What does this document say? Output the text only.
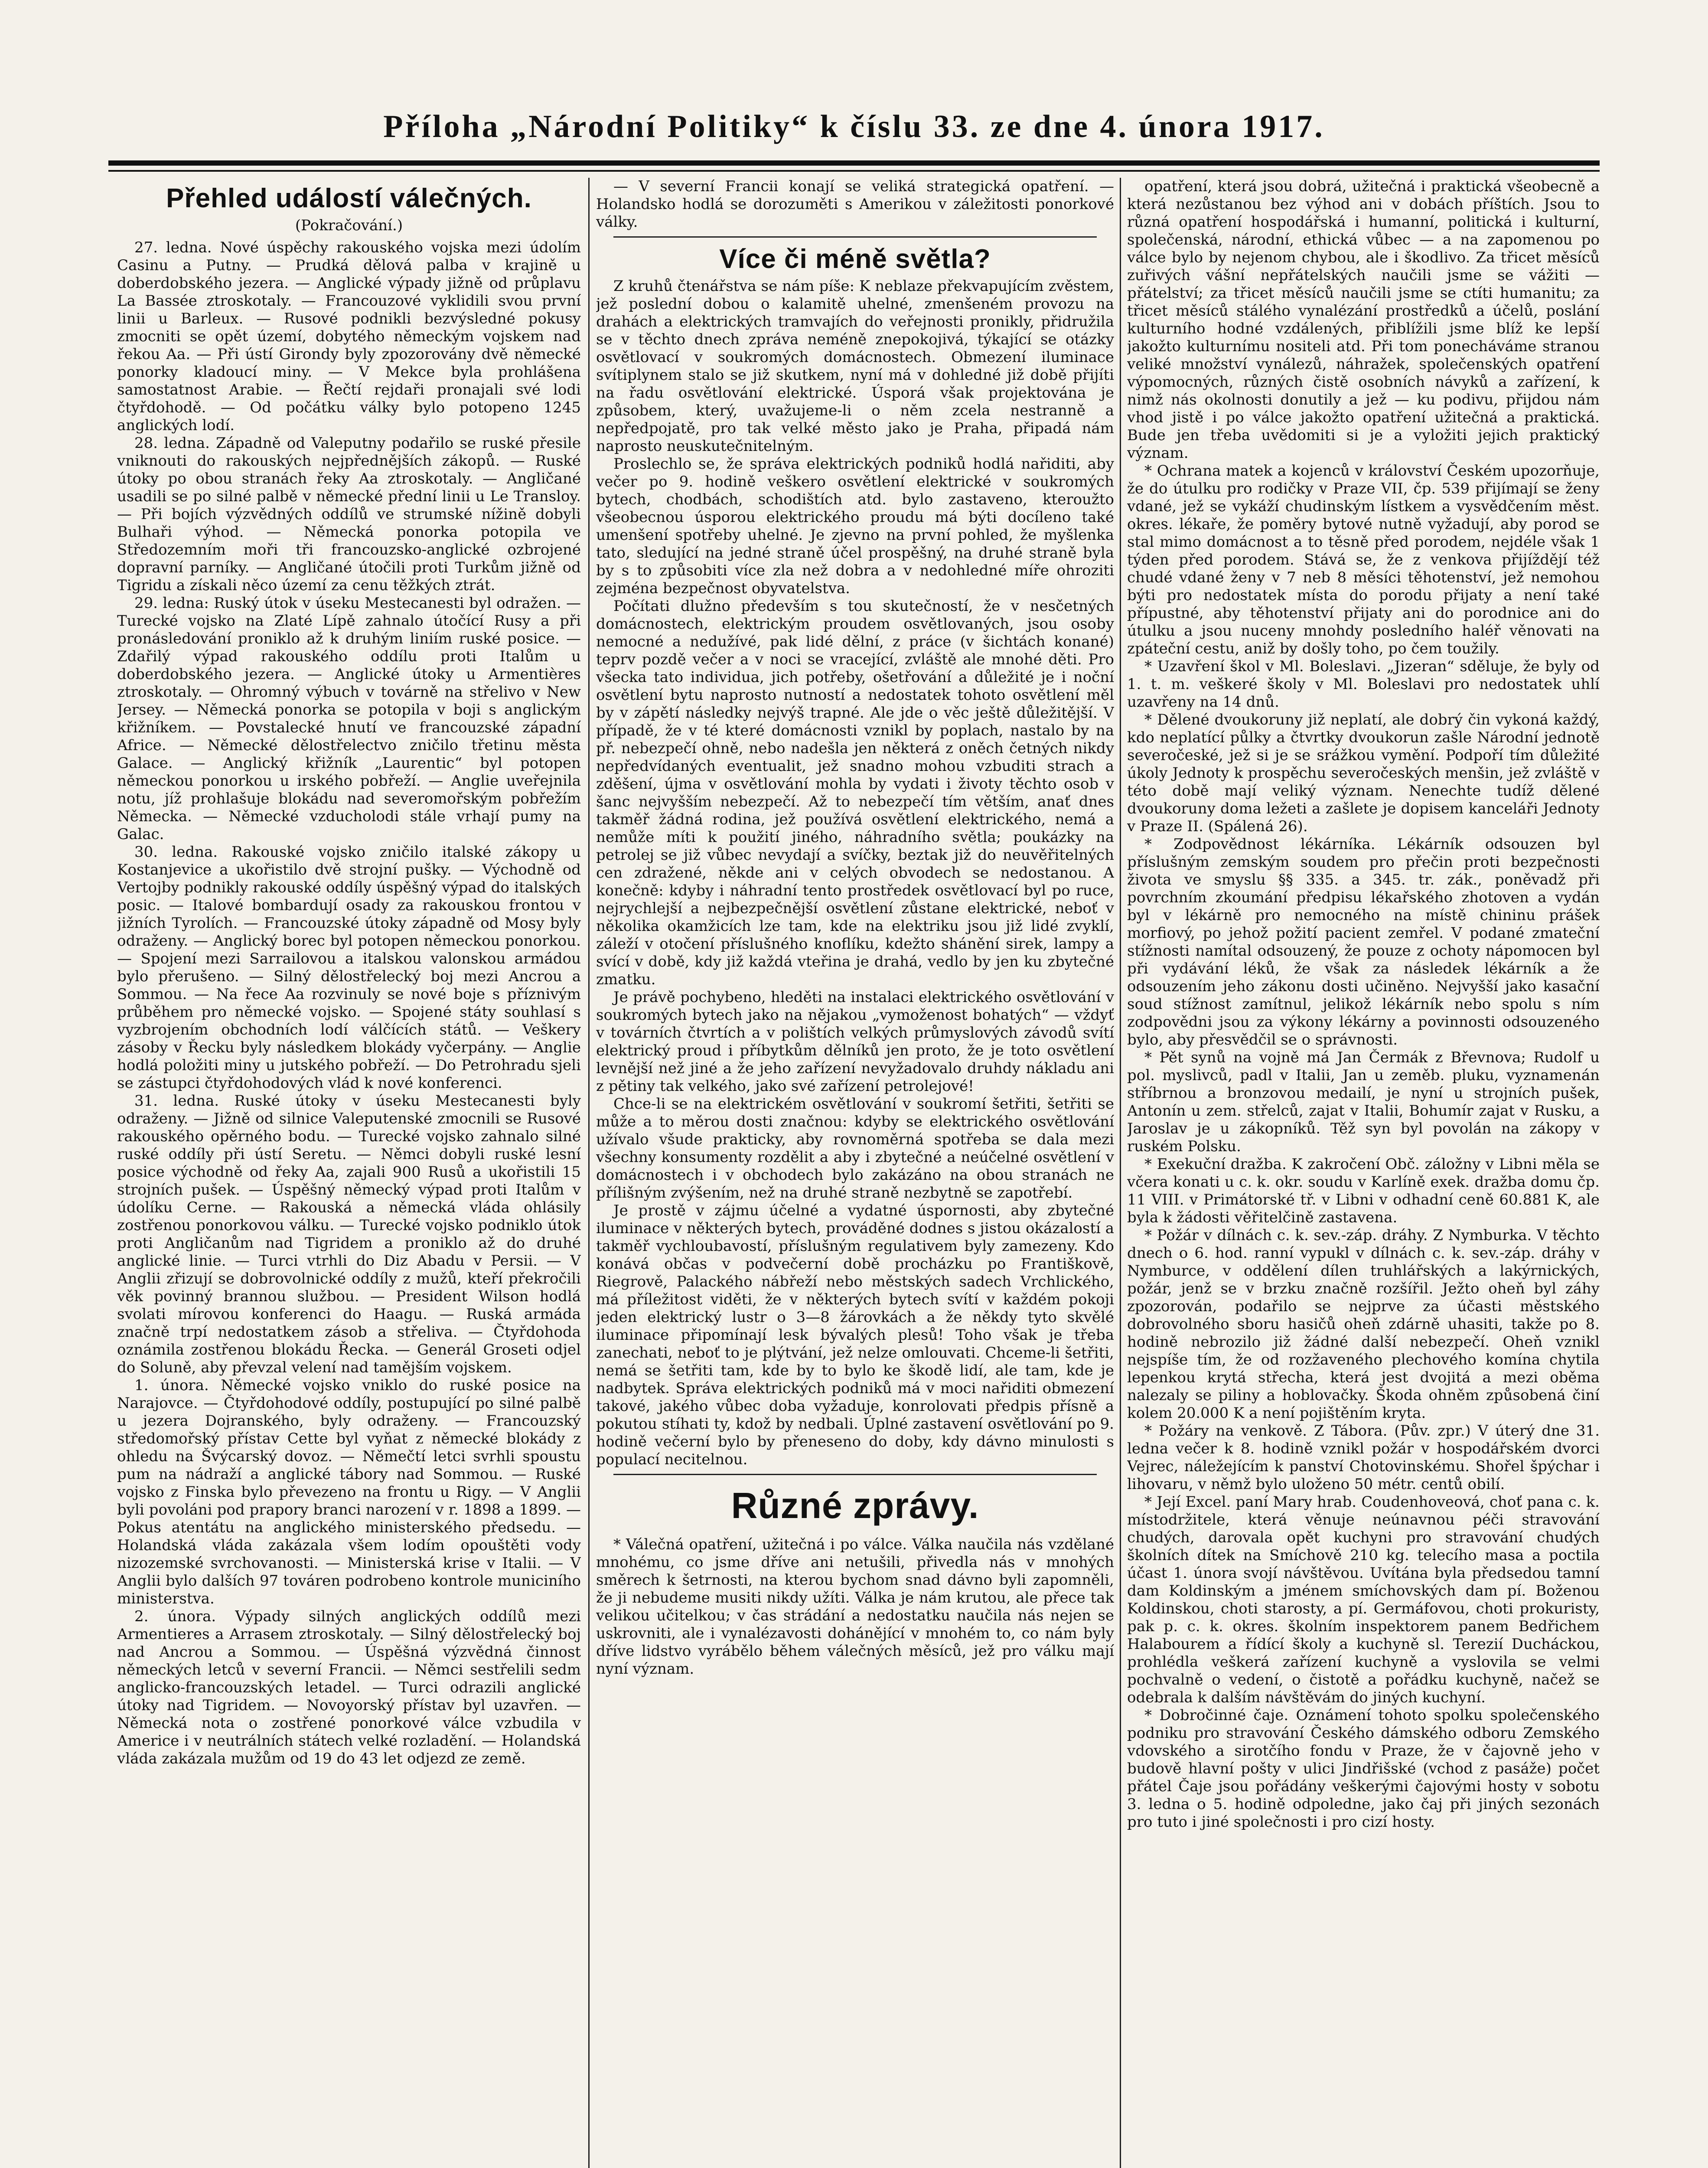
Příloha „Národní Politiky“ k číslu 33. ze dne 4. února 1917.
Přehled událostí válečných.
(Pokračování.)

27. ledna. Nové úspěchy rakouského vojska mezi údolím Casinu a Putny. — Prudká dělová palba v krajině u doberdobského jezera. — Anglické výpady jižně od průplavu La Bassée ztroskotaly. — Francouzové vyklidili svou první linii u Barleux. — Rusové podnikli bezvýsledné pokusy zmocniti se opět území, dobytého německým vojskem nad řekou Aa. — Při ústí Girondy byly zpozorovány dvě německé ponorky kladoucí miny. — V Mekce byla prohlášena samostatnost Arabie. — Řečtí rejdaři pronajali své lodi čtyřdohodě. — Od počátku války bylo potopeno 1245 anglických lodí.

28. ledna. Západně od Valeputny podařilo se ruské přesile vniknouti do rakouských nejpřednějších zákopů. — Ruské útoky po obou stranách řeky Aa ztroskotaly. — Angličané usadili se po silné palbě v německé přední linii u Le Transloy. — Při bojích výzvědných oddílů ve strumské nížině dobyli Bulhaři výhod. — Německá ponorka potopila ve Středozemním moři tři francouzsko-anglické ozbrojené dopravní parníky. — Angličané útočili proti Turkům jižně od Tigridu a získali něco území za cenu těžkých ztrát.

29. ledna: Ruský útok v úseku Mestecanesti byl odražen. — Turecké vojsko na Zlaté Lípě zahnalo útočící Rusy a při pronásledování proniklo až k druhým liniím ruské posice. — Zdařilý výpad rakouského oddílu proti Italům u doberdobského jezera. — Anglické útoky u Armentières ztroskotaly. — Ohromný výbuch v továrně na střelivo v New Jersey. — Německá ponorka se potopila v boji s anglickým křižníkem. — Povstalecké hnutí ve francouzské západní Africe. — Německé dělostřelectvo zničilo třetinu města Galace. — Anglický křižník „Laurentic“ byl potopen německou ponorkou u irského pobřeží. — Anglie uveřejnila notu, jíž prohlašuje blokádu nad severomořským pobřežím Německa. — Německé vzducholodi stále vrhají pumy na Galac.

30. ledna. Rakouské vojsko zničilo italské zákopy u Kostanjevice a ukořistilo dvě strojní pušky. — Východně od Vertojby podnikly rakouské oddíly úspěšný výpad do italských posic. — Italové bombardují osady za rakouskou frontou v jižních Tyrolích. — Francouzské útoky západně od Mosy byly odraženy. — Anglický borec byl potopen německou ponorkou. — Spojení mezi Sarrailovou a italskou valonskou armádou bylo přerušeno. — Silný dělostřelecký boj mezi Ancrou a Sommou. — Na řece Aa rozvinuly se nové boje s příznivým průběhem pro německé vojsko. — Spojené státy souhlasí s vyzbrojením obchodních lodí válčících států. — Veškery zásoby v Řecku byly následkem blokády vyčerpány. — Anglie hodlá položiti miny u jutského pobřeží. — Do Petrohradu sjeli se zástupci čtyřdohodových vlád k nové konferenci.

31. ledna. Ruské útoky v úseku Mestecanesti byly odraženy. — Jižně od silnice Valeputenské zmocnili se Rusové rakouského opěrného bodu. — Turecké vojsko zahnalo silné ruské oddíly při ústí Seretu. — Němci dobyli ruské lesní posice východně od řeky Aa, zajali 900 Rusů a ukořistili 15 strojních pušek. — Úspěšný německý výpad proti Italům v údolíku Cerne. — Rakouská a německá vláda ohlásily zostřenou ponorkovou válku. — Turecké vojsko podniklo útok proti Angličanům nad Tigridem a proniklo až do druhé anglické linie. — Turci vtrhli do Diz Abadu v Persii. — V Anglii zřizují se dobrovolnické oddíly z mužů, kteří překročili věk povinný brannou službou. — President Wilson hodlá svolati mírovou konferenci do Haagu. — Ruská armáda značně trpí nedostatkem zásob a střeliva. — Čtyřdohoda oznámila zostřenou blokádu Řecka. — Generál Groseti odjel do Soluně, aby převzal velení nad tamějším vojskem.

1. února. Německé vojsko vniklo do ruské posice na Narajovce. — Čtyřdohodové oddíly, postupující po silné palbě u jezera Dojranského, byly odraženy. — Francouzský středomořský přístav Cette byl vyňat z německé blokády z ohledu na Švýcarský dovoz. — Němečtí letci svrhli spoustu pum na nádraží a anglické tábory nad Sommou. — Ruské vojsko z Finska bylo převezeno na frontu u Rigy. — V Anglii byli povoláni pod prapory branci narození v r. 1898 a 1899. — Pokus atentátu na anglického ministerského předsedu. — Holandská vláda zakázala všem lodím opouštěti vody nizozemské svrchovanosti. — Ministerská krise v Italii. — V Anglii bylo dalších 97 továren podrobeno kontrole municiního ministerstva.

2. února. Výpady silných anglických oddílů mezi Armentieres a Arrasem ztroskotaly. — Silný dělostřelecký boj nad Ancrou a Sommou. — Úspěšná výzvědná činnost německých letců v severní Francii. — Němci sestřelili sedm anglicko-francouzských letadel. — Turci odrazili anglické útoky nad Tigridem. — Novoyorský přístav byl uzavřen. — Německá nota o zostřené ponorkové válce vzbudila v Americe i v neutrálních státech velké rozladění. — Holandská vláda zakázala mužům od 19 do 43 let odjezd ze země.

— V severní Francii konají se veliká strategická opatření. — Holandsko hodlá se dorozuměti s Amerikou v záležitosti ponorkové války.

Více či méně světla?

Z kruhů čtenářstva se nám píše: K neblaze překvapujícím zvěstem, jež poslední dobou o kalamitě uhelné, zmenšeném provozu na drahách a elektrických tramvajích do veřejnosti pronikly, přidružila se v těchto dnech zpráva neméně znepokojivá, týkající se otázky osvětlovací v soukromých domácnostech. Obmezení iluminace svítiplynem stalo se již skutkem, nyní má v dohledné již době přijíti na řadu osvětlování elektrické. Úsporá však projektována je způsobem, který, uvažujeme-li o něm zcela nestranně a nepředpojatě, pro tak velké město jako je Praha, připadá nám naprosto neuskutečnitelným.

Proslechlo se, že správa elektrických podniků hodlá nařiditi, aby večer po 9. hodině veškero osvětlení elektrické v soukromých bytech, chodbách, schodištích atd. bylo zastaveno, kteroužto všeobecnou úsporou elektrického proudu má býti docíleno také umenšení spotřeby uhelné. Je zjevno na první pohled, že myšlenka tato, sledující na jedné straně účel prospěšný, na druhé straně byla by s to způsobiti více zla než dobra a v nedohledné míře ohroziti zejména bezpečnost obyvatelstva.

Počítati dlužno především s tou skutečností, že v nesčetných domácnostech, elektrickým proudem osvětlovaných, jsou osoby nemocné a nedužívé, pak lidé dělní, z práce (v šichtách konané) teprv pozdě večer a v noci se vracející, zvláště ale mnohé děti. Pro všecka tato individua, jich potřeby, ošetřování a důležité je i noční osvětlení bytu naprosto nutností a nedostatek tohoto osvětlení měl by v zápětí následky nejvýš trapné. Ale jde o věc ještě důležitější. V případě, že v té které domácnosti vznikl by poplach, nastalo by na př. nebezpečí ohně, nebo nadešla jen některá z oněch četných nikdy nepředvídaných eventualit, jež snadno mohou vzbuditi strach a zděšení, újma v osvětlování mohla by vydati i životy těchto osob v šanc nejvyšším nebezpečí. Až to nebezpečí tím větším, anať dnes takměř žádná rodina, jež používá osvětlení elektrického, nemá a nemůže míti k použití jiného, náhradního světla; poukázky na petrolej se již vůbec nevydají a svíčky, beztak již do neuvěřitelných cen zdražené, někde ani v celých obvodech se nedostanou. A konečně: kdyby i náhradní tento prostředek osvětlovací byl po ruce, nejrychlejší a nejbezpečnější osvětlení zůstane elektrické, neboť v několika okamžicích lze tam, kde na elektriku jsou již lidé zvyklí, záleží v otočení příslušného knoflíku, kdežto shánění sirek, lampy a svící v době, kdy již každá vteřina je drahá, vedlo by jen ku zbytečné zmatku.

Je právě pochybeno, hleděti na instalaci elektrického osvětlování v soukromých bytech jako na nějakou „vymoženost bohatých“ — vždyť v továrních čtvrtích a v polištích velkých průmyslových závodů svítí elektrický proud i příbytkům dělníků jen proto, že je toto osvětlení levnější než jiné a že jeho zařízení nevyžadovalo druhdy nákladu ani z pětiny tak velkého, jako své zařízení petrolejové!

Chce-li se na elektrickém osvětlování v soukromí šetřiti, šetřiti se může a to měrou dosti značnou: kdyby se elektrického osvětlování užívalo všude prakticky, aby rovnoměrná spotřeba se dala mezi všechny konsumenty rozdělit a aby i zbytečné a neúčelné osvětlení v domácnostech i v obchodech bylo zakázáno na obou stranách ne přílišným zvýšením, než na druhé straně nezbytně se zapotřebí.

Je prostě v zájmu účelné a vydatné úspornosti, aby zbytečné iluminace v některých bytech, prováděné dodnes s jistou okázalostí a takměř vychloubavostí, příslušným regulativem byly zamezeny. Kdo konává občas v podvečerní době procházku po Františkově, Riegrově, Palackého nábřeží nebo městských sadech Vrchlického, má příležitost viděti, že v některých bytech svítí v každém pokoji jeden elektrický lustr o 3—8 žárovkách a že někdy tyto skvělé iluminace připomínají lesk bývalých plesů! Toho však je třeba zanechati, neboť to je plýtvání, jež nelze omlouvati. Chceme-li šetřiti, nemá se šetřiti tam, kde by to bylo ke škodě lidí, ale tam, kde je nadbytek. Správa elektrických podniků má v moci nařiditi obmezení takové, jakého vůbec doba vyžaduje, konrolovati předpis přísně a pokutou stíhati ty, kdož by nedbali. Úplné zastavení osvětlování po 9. hodině večerní bylo by přeneseno do doby, kdy dávno minulosti s populací necitelnou.

Různé zprávy.

* Válečná opatření, užitečná i po válce. Válka naučila nás vzdělané mnohému, co jsme dříve ani netušili, přivedla nás v mnohých směrech k šetrnosti, na kterou bychom snad dávno byli zapomněli, že ji nebudeme musiti nikdy užíti. Válka je nám krutou, ale přece tak velikou učitelkou; v čas strádání a nedostatku naučila nás nejen se uskrovniti, ale i vynalézavosti dohánějící v mnohém to, co nám byly dříve lidstvo vyrábělo během válečných měsíců, jež pro válku mají nyní význam.

opatření, která jsou dobrá, užitečná i praktická všeobecně a která nezůstanou bez výhod ani v dobách příštích. Jsou to různá opatření hospodářská i humanní, politická i kulturní, společenská, národní, ethická vůbec — a na zapomenou po válce bylo by nejenom chybou, ale i škodlivo. Za třicet měsíců zuřivých vášní nepřátelských naučili jsme se vážiti — přátelství; za třicet měsíců naučili jsme se ctíti humanitu; za třicet měsíců stálého vynalézání prostředků a účelů, poslání kulturního hodné vzdálených, přiblížili jsme blíž ke lepší jakožto kulturnímu nositeli atd. Při tom ponecháváme stranou veliké množství vynálezů, náhražek, společenských opatření výpomocných, různých čistě osobních návyků a zařízení, k nimž nás okolnosti donutily a jež — ku podivu, přijdou nám vhod jistě i po válce jakožto opatření užitečná a praktická. Bude jen třeba uvědomiti si je a vyložiti jejich praktický význam.

* Ochrana matek a kojenců v království Českém upozorňuje, že do útulku pro rodičky v Praze VII, čp. 539 přijímají se ženy vdané, jež se vykáží chudinským lístkem a vysvědčením měst. okres. lékaře, že poměry bytové nutně vyžadují, aby porod se stal mimo domácnost a to těsně před porodem, nejdéle však 1 týden před porodem. Stává se, že z venkova přijíždějí též chudé vdané ženy v 7 neb 8 měsíci těhotenství, jež nemohou býti pro nedostatek místa do porodu přijaty a není také přípustné, aby těhotenství přijaty ani do porodnice ani do útulku a jsou nuceny mnohdy posledního haléř věnovati na zpáteční cestu, aniž by došly toho, po čem toužily.

* Uzavření škol v Ml. Boleslavi. „Jizeran“ sděluje, že byly od 1. t. m. veškeré školy v Ml. Boleslavi pro nedostatek uhlí uzavřeny na 14 dnů.

* Dělené dvoukoruny již neplatí, ale dobrý čin vykoná každý, kdo neplatící půlky a čtvrtky dvoukorun zašle Národní jednotě severočeské, jež si je se srážkou vymění. Podpoří tím důležité úkoly Jednoty k prospěchu severočeských menšin, jež zvláště v této době mají veliký význam. Nenechte tudíž dělené dvoukoruny doma ležeti a zašlete je dopisem kanceláři Jednoty v Praze II. (Spálená 26).

* Zodpovědnost lékárníka. Lékárník odsouzen byl příslušným zemským soudem pro přečin proti bezpečnosti života ve smyslu §§ 335. a 345. tr. zák., poněvadž při povrchním zkoumání předpisu lékařského zhotoven a vydán byl v lékárně pro nemocného na místě chininu prášek morfiový, po jehož požití pacient zemřel. V podané zmateční stížnosti namítal odsouzený, že pouze z ochoty nápomocen byl při vydávání léků, že však za následek lékárník a že odsouzením jeho zákonu dosti učiněno. Nejvyšší jako kasační soud stížnost zamítnul, jelikož lékárník nebo spolu s ním zodpovědni jsou za výkony lékárny a povinnosti odsouzeného bylo, aby přesvědčil se o správnosti.

* Pět synů na vojně má Jan Čermák z Břevnova; Rudolf u pol. myslivců, padl v Italii, Jan u zeměb. pluku, vyznamenán stříbrnou a bronzovou medailí, je nyní u strojních pušek, Antonín u zem. střelců, zajat v Italii, Bohumír zajat v Rusku, a Jaroslav je u zákopníků. Těž syn byl povolán na zákopy v ruském Polsku.

* Exekuční dražba. K zakročení Obč. záložny v Libni měla se včera konati u c. k. okr. soudu v Karlíně exek. dražba domu čp. 11 VIII. v Primátorské tř. v Libni v odhadní ceně 60.881 K, ale byla k žádosti věřitelčině zastavena.

* Požár v dílnách c. k. sev.-záp. dráhy. Z Nymburka. V těchto dnech o 6. hod. ranní vypukl v dílnách c. k. sev.-záp. dráhy v Nymburce, v oddělení dílen truhlářských a lakýrnických, požár, jenž se v brzku značně rozšířil. Ježto oheň byl záhy zpozorován, podařilo se nejprve za účasti městského dobrovolného sboru hasičů oheň zdárně uhasiti, takže po 8. hodině nebrozilo již žádné další nebezpečí. Oheň vznikl nejspíše tím, že od rozžaveného plechového komína chytila lepenkou krytá střecha, která jest dvojitá a mezi oběma nalezaly se piliny a hoblovačky. Škoda ohněm způsobená činí kolem 20.000 K a není pojištěním kryta.

* Požáry na venkově. Z Tábora. (Pův. zpr.) V úterý dne 31. ledna večer k 8. hodině vznikl požár v hospodářském dvorci Vejrec, náležejícím k panství Chotovinskému. Shořel špýchar i lihovaru, v němž bylo uloženo 50 métr. centů obilí.

* Její Excel. paní Mary hrab. Coudenhoveová, choť pana c. k. místodržitele, která věnuje neúnavnou péči stravování chudých, darovala opět kuchyni pro stravování chudých školních dítek na Smíchově 210 kg. telecího masa a poctila účast 1. února svojí návštěvou. Uvítána byla předsedou tamní dam Koldinským a jménem smíchovských dam pí. Boženou Koldinskou, choti starosty, a pí. Germáfovou, choti prokuristy, pak p. c. k. okres. školním inspektorem panem Bedřichem Halabourem a řídící školy a kuchyně sl. Terezií Ducháckou, prohlédla veškerá zařízení kuchyně a vyslovila se velmi pochvalně o vedení, o čistotě a pořádku kuchyně, načež se odebrala k dalším návštěvám do jiných kuchyní.

* Dobročinné čaje. Oznámení tohoto spolku společenského podniku pro stravování Českého dámského odboru Zemského vdovského a sirotčího fondu v Praze, že v čajovně jeho v budově hlavní pošty v ulici Jindřišské (vchod z pasáže) počet přátel Čaje jsou pořádány veškerými čajovými hosty v sobotu 3. ledna o 5. hodině odpoledne, jako čaj při jiných sezonách pro tuto i jiné společnosti i pro cizí hosty.
